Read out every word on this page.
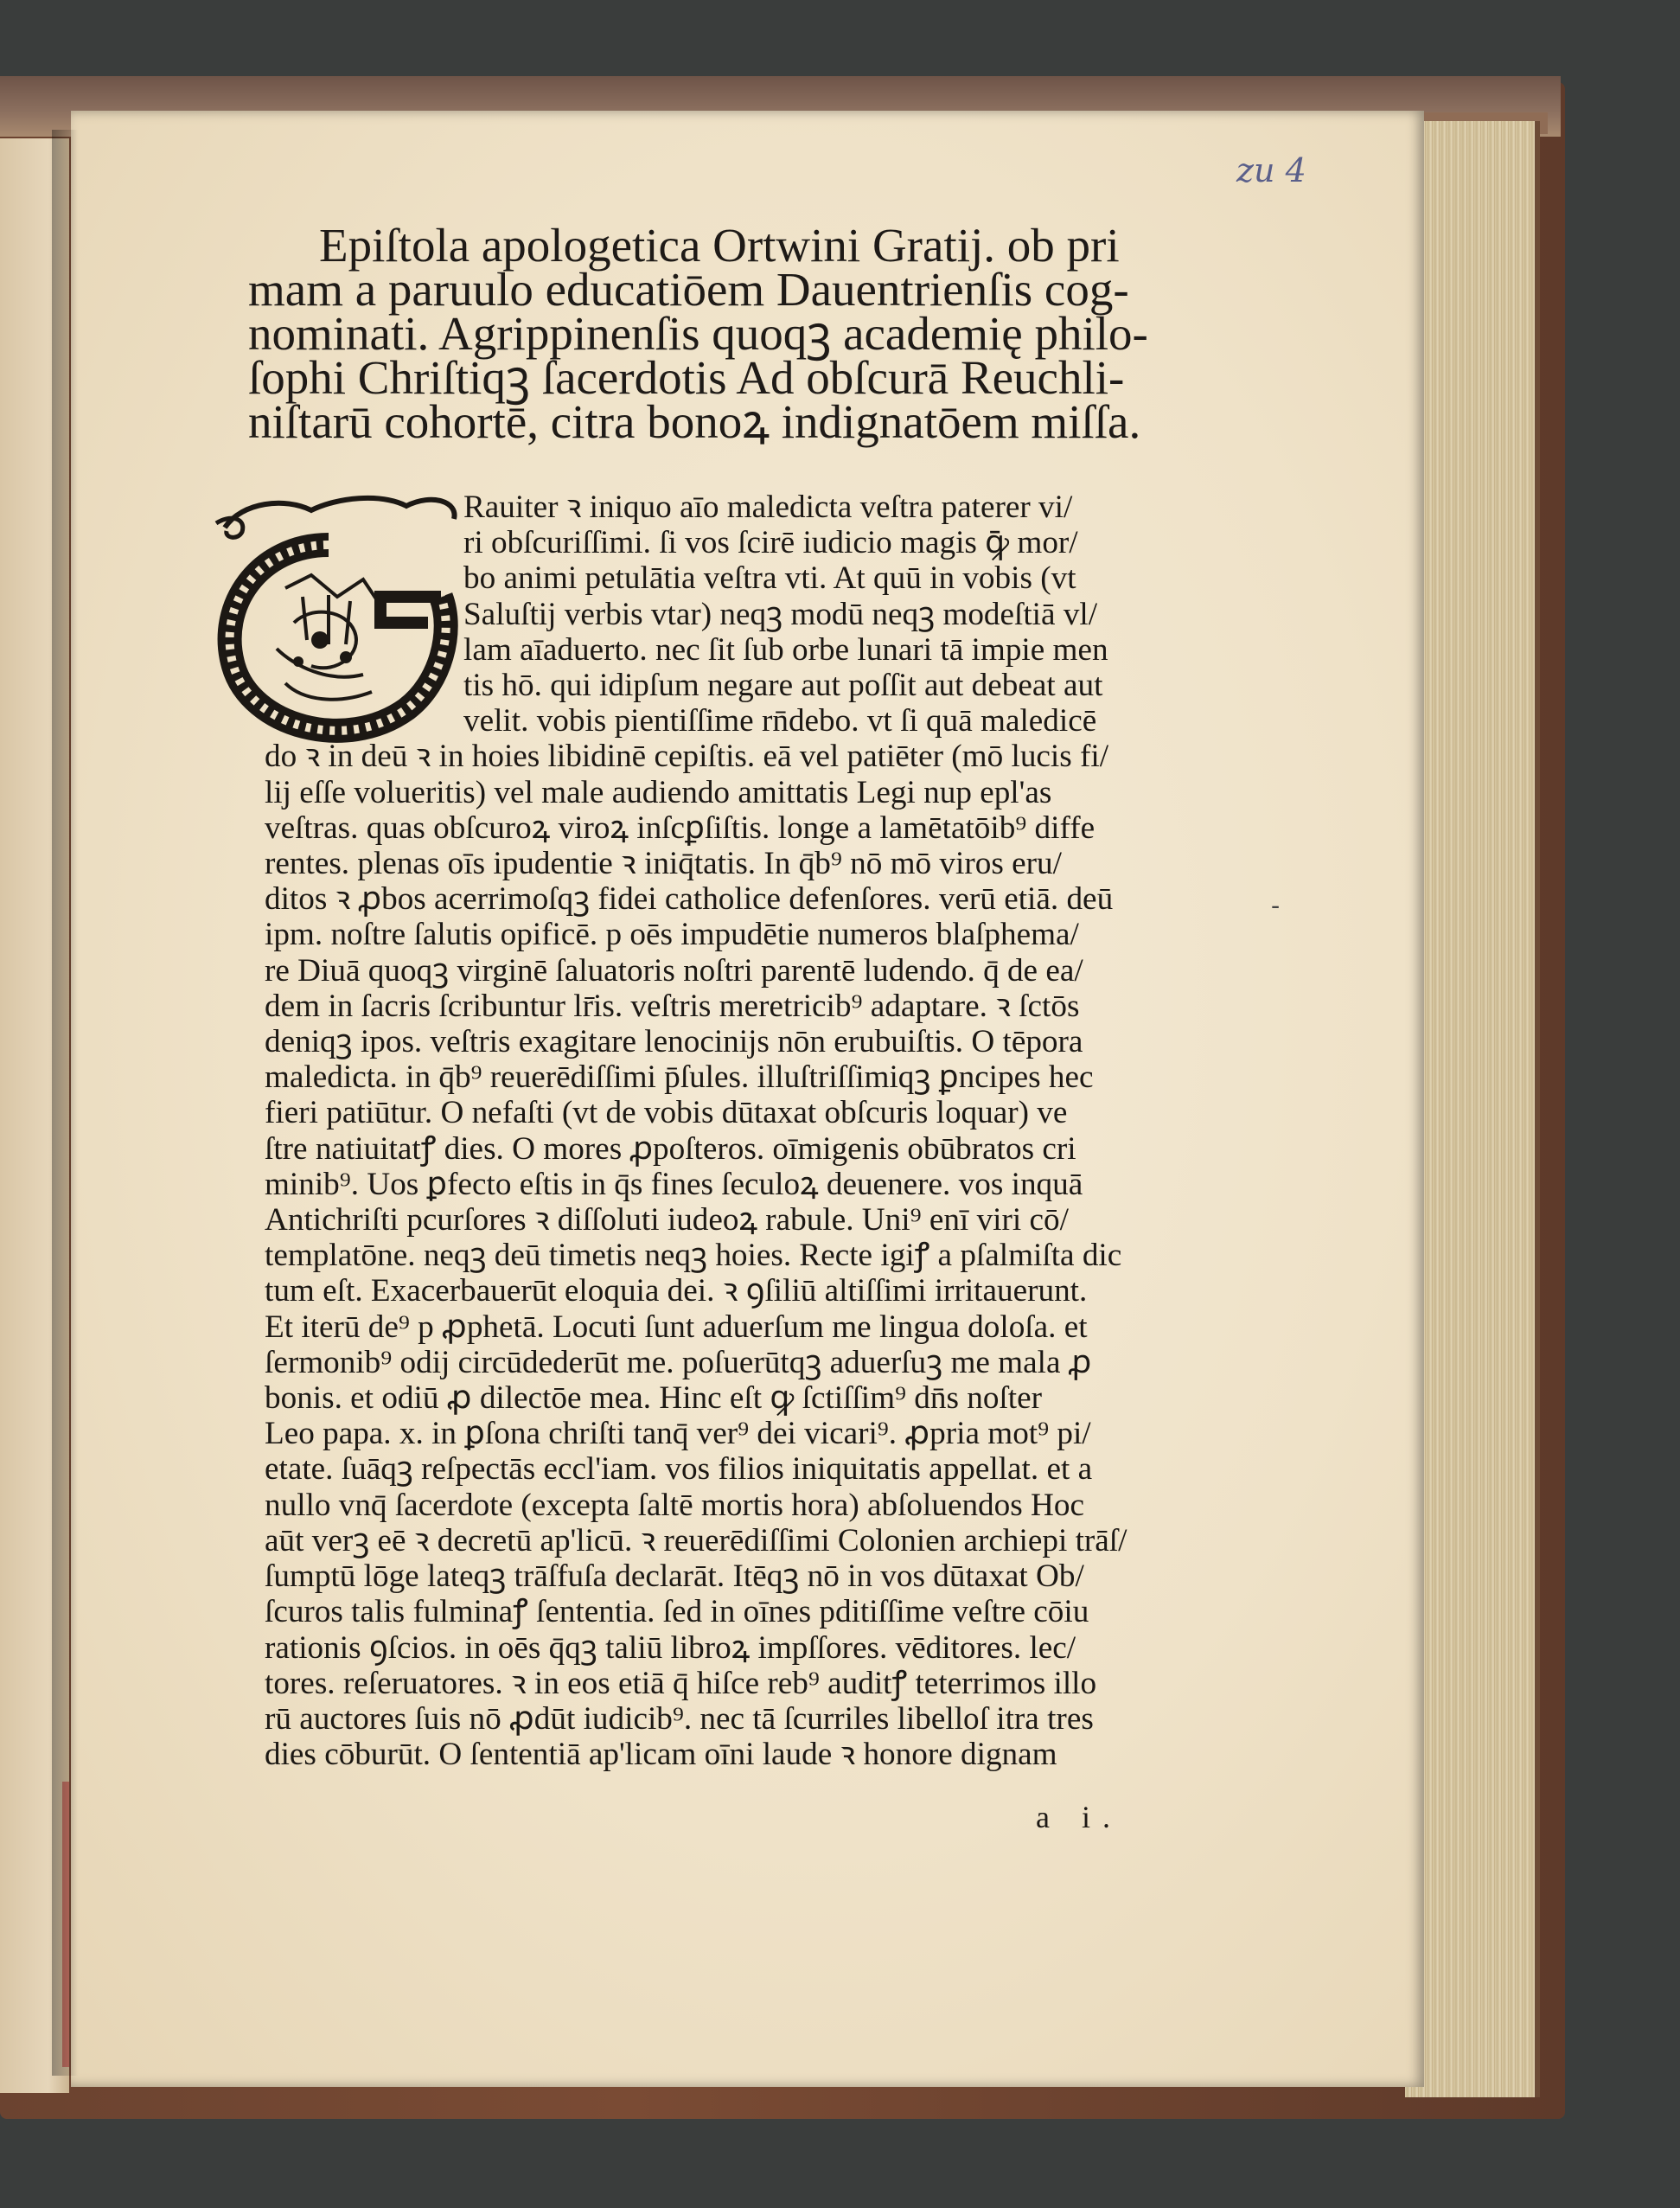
zu 4
Epiſtola apologetica Ortwini Gratij. ob pri
mam a paruulo educatiōem Dauentrienſis cog-
nominati. Agrippinenſis quoqꝫ academię philo-
ſophi Chriſtiqꝫ ſacerdotis Ad obſcurā Reuchli-
niſtarū cohortē, citra bonoꝝ indignatōem miſſa.
Rauiter ꝛ iniquo aīo maledicta veſtra paterer vi/
ri obſcuriſſimi. ſi vos ſcirē iudicio magis ꝙ̄ mor/
bo animi petulātia veſtra vti. At quū in vobis (vt
Saluſtij verbis vtar) neqꝫ modū neqꝫ modeſtiā vl/
lam aīaduerto. nec ſit ſub orbe lunari tā impie men
tis hō. qui idipſum negare aut poſſit aut debeat aut
velit. vobis pientiſſime rn̄debo. vt ſi quā maledicē
do ꝛ in deū ꝛ in hoies libidinē cepiſtis. eā vel patiēter (mō lucis fi/
lij eſſe volueritis) vel male audiendo amittatis Legi nup epl'as
veſtras. quas obſcuroꝝ viroꝝ inſcꝑſiſtis. longe a lamētatōib⁹ diffe
rentes. plenas oīs ipudentie ꝛ iniq̄tatis. In q̄b⁹ nō mō viros eru/
ditos ꝛ ꝓbos acerrimoſqꝫ fidei catholice defenſores. verū etiā. deū
ipm. noſtre ſalutis opificē. p oēs impudētie numeros blaſphema/
re Diuā quoqꝫ virginē ſaluatoris noſtri parentē ludendo. q̄ de ea/
dem in ſacris ſcribuntur lr̄is. veſtris meretricib⁹ adaptare. ꝛ ſctōs
deniqꝫ ipos. veſtris exagitare lenocinijs nōn erubuiſtis. O tēpora
maledicta. in q̄b⁹ reuerēdiſſimi p̄ſules. illuſtriſſimiqꝫ ꝑncipes hec
fieri patiūtur. O nefaſti (vt de vobis dūtaxat obſcuris loquar) ve
ſtre natiuitatꝭ dies. O mores ꝓpoſteros. oīmigenis obūbratos cri
minib⁹. Uos ꝑfecto eſtis in q̄s fines ſeculoꝝ deuenere. vos inquā
Antichriſti pcurſores ꝛ diſſoluti iudeoꝝ rabule. Uni⁹ enī viri cō/
templatōne. neqꝫ deū timetis neqꝫ hoies. Recte igiꝭ a pſalmiſta dic
tum eſt. Exacerbauerūt eloquia dei. ꝛ ꝯſiliū altiſſimi irritauerunt.
Et iterū de⁹ p ꝓphetā. Locuti ſunt aduerſum me lingua doloſa. et
ſermonib⁹ odij circūdederūt me. poſuerūtqꝫ aduerſuꝫ me mala ꝓ
bonis. et odiū ꝓ dilectōe mea. Hinc eſt ꝙ ſctiſſim⁹ dn̄s noſter
Leo papa. x. in ꝑſona chriſti tanq̄ ver⁹ dei vicari⁹. ꝓpria mot⁹ pi/
etate. ſuāqꝫ reſpectās eccl'iam. vos filios iniquitatis appellat. et a
nullo vnq̄ ſacerdote (excepta ſaltē mortis hora) abſoluendos Hoc
aūt verꝫ eē ꝛ decretū ap'licū. ꝛ reuerēdiſſimi Colonien archiepi trāſ/
ſumptū lōge lateqꝫ trāſfuſa declarāt. Itēqꝫ nō in vos dūtaxat Ob/
ſcuros talis fulminaꝭ ſententia. ſed in oīnes pditiſſime veſtre cōiu
rationis ꝯſcios. in oēs q̄qꝫ taliū libroꝝ impſſores. vēditores. lec/
tores. reſeruatores. ꝛ in eos etiā q̄ hiſce reb⁹ auditꝭ teterrimos illo
rū auctores ſuis nō ꝓdūt iudicib⁹. nec tā ſcurriles libelloſ itra tres
dies cōburūt. O ſententiā ap'licam oīni laude ꝛ honore dignam
a i.
-
